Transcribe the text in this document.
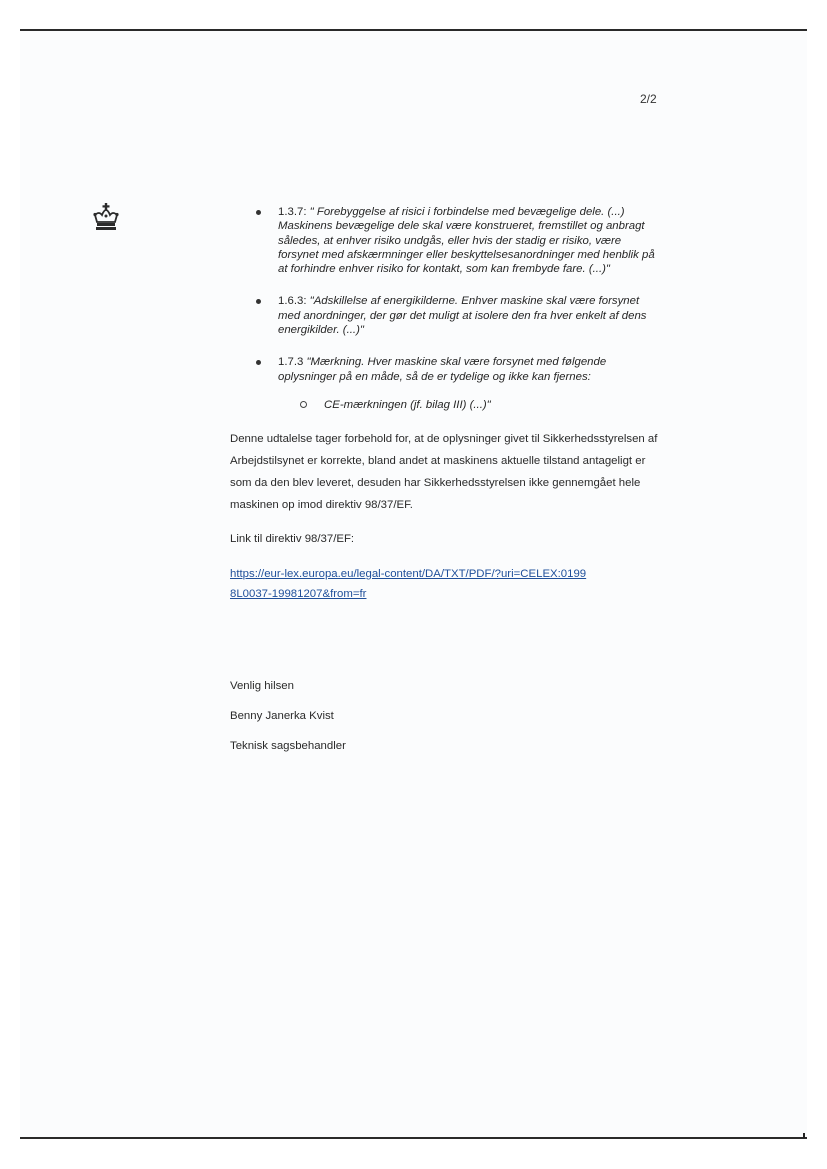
2/2
1.3.7: " Forebyggelse af risici i forbindelse med bevægelige dele. (...) Maskinens bevægelige dele skal være konstrueret, fremstillet og anbragt således, at enhver risiko undgås, eller hvis der stadig er risiko, være forsynet med afskærmninger eller beskyttelsesanordninger med henblik på at forhindre enhver risiko for kontakt, som kan frembyde fare. (...)"
1.6.3: "Adskillelse af energikilderne. Enhver maskine skal være forsynet med anordninger, der gør det muligt at isolere den fra hver enkelt af dens energikilder. (...)"
1.7.3 "Mærkning. Hver maskine skal være forsynet med følgende oplysninger på en måde, så de er tydelige og ikke kan fjernes:
CE-mærkningen (jf. bilag III) (...)"

Denne udtalelse tager forbehold for, at de oplysninger givet til Sikkerhedsstyrelsen af Arbejdstilsynet er korrekte, bland andet at maskinens aktuelle tilstand antageligt er som da den blev leveret, desuden har Sikkerhedsstyrelsen ikke gennemgået hele maskinen op imod direktiv 98/37/EF.

Link til direktiv 98/37/EF:

https://eur-lex.europa.eu/legal-content/DA/TXT/PDF/?uri=CELEX:01998L0037-19981207&from=fr
Venlig hilsen
Benny Janerka Kvist
Teknisk sagsbehandler
